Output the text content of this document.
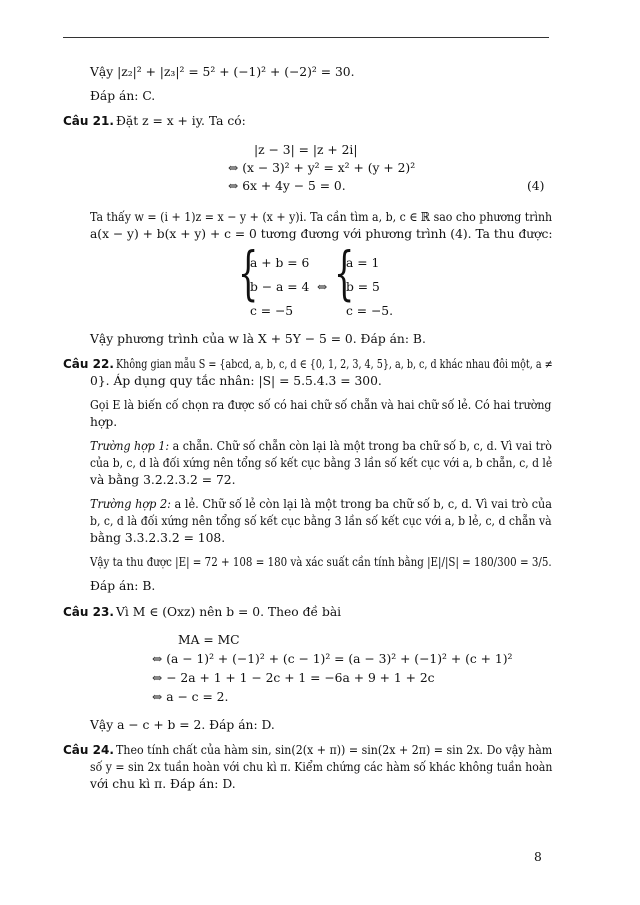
Vậy |z₂|² + |z₃|² = 5² + (−1)² + (−2)² = 30.
Đáp án: C.
Câu 21. Đặt z = x + iy. Ta có:
|z − 3| = |z + 2i|
⇔ (x − 3)² + y² = x² + (y + 2)²
⇔ 6x + 4y − 5 = 0.	(4)
Ta thấy w = (i + 1)z = x − y + (x + y)i. Ta cần tìm a, b, c ∈ ℝ sao cho phương trình
a(x − y) + b(x + y) + c = 0 tương đương với phương trình (4). Ta thu được:
{
a + b = 6
b − a = 4
c = −5
⇔ {
a = 1
b = 5
c = −5.
Vậy phương trình của w là X + 5Y − 5 = 0. Đáp án: B.
Câu 22. Không gian mẫu S = {abcd, a, b, c, d ∈ {0, 1, 2, 3, 4, 5}, a, b, c, d khác nhau đôi một, a ≠
0}. Áp dụng quy tắc nhân: |S| = 5.5.4.3 = 300.
Gọi E là biến cố chọn ra được số có hai chữ số chẵn và hai chữ số lẻ. Có hai trường
hợp.
Trường hợp 1: a chẵn. Chữ số chẵn còn lại là một trong ba chữ số b, c, d. Vì vai trò
của b, c, d là đối xứng nên tổng số kết cục bằng 3 lần số kết cục với a, b chẵn, c, d lẻ
và bằng 3.2.2.3.2 = 72.
Trường hợp 2: a lẻ. Chữ số lẻ còn lại là một trong ba chữ số b, c, d. Vì vai trò của
b, c, d là đối xứng nên tổng số kết cục bằng 3 lần số kết cục với a, b lẻ, c, d chẵn và
bằng 3.3.2.3.2 = 108.
Vậy ta thu được |E| = 72 + 108 = 180 và xác suất cần tính bằng |E|/|S| = 180/300 = 3/5.
Đáp án: B.
Câu 23. Vì M ∈ (Oxz) nên b = 0. Theo đề bài
MA = MC
⇔ (a − 1)² + (−1)² + (c − 1)² = (a − 3)² + (−1)² + (c + 1)²
⇔ − 2a + 1 + 1 − 2c + 1 = −6a + 9 + 1 + 2c
⇔ a − c = 2.
Vậy a − c + b = 2. Đáp án: D.
Câu 24. Theo tính chất của hàm sin, sin(2(x + π)) = sin(2x + 2π) = sin 2x. Do vậy hàm
số y = sin 2x tuần hoàn với chu kì π. Kiểm chứng các hàm số khác không tuần hoàn
với chu kì π. Đáp án: D.
8
